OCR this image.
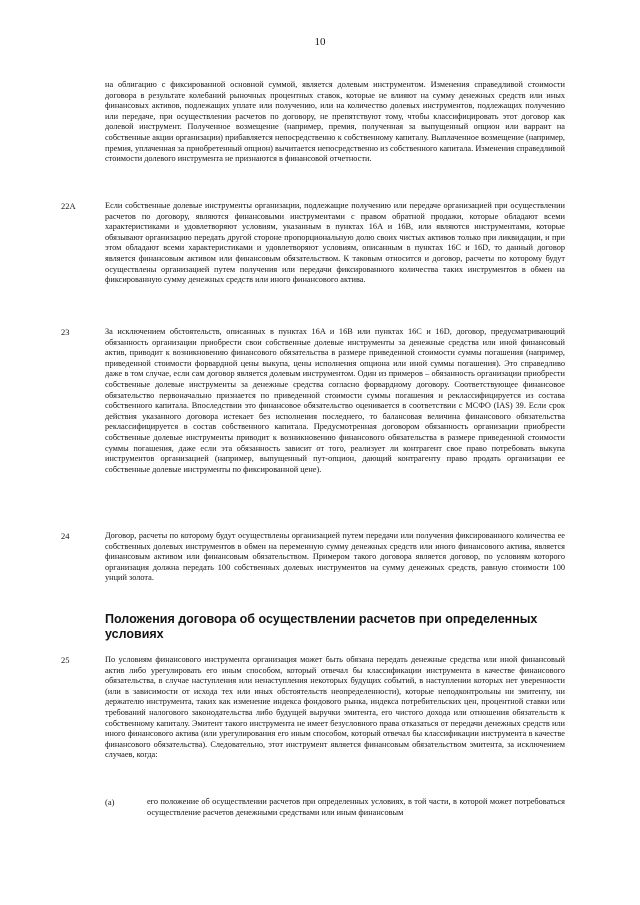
10
на облигацию с фиксированной основной суммой, является долевым инструментом. Изменения справедливой стоимости договора в результате колебаний рыночных процентных ставок, которые не влияют на сумму денежных средств или иных финансовых активов, подлежащих уплате или получению, или на количество долевых инструментов, подлежащих получению или передаче, при осуществлении расчетов по договору, не препятствуют тому, чтобы классифицировать этот договор как долевой инструмент. Полученное возмещение (например, премия, полученная за выпущенный опцион или варрант на собственные акции организации) прибавляется непосредственно к собственному капиталу. Выплаченное возмещение (например, премия, уплаченная за приобретенный опцион) вычитается непосредственно из собственного капитала. Изменения справедливой стоимости долевого инструмента не признаются в финансовой отчетности.
22A	Если собственные долевые инструменты организации, подлежащие получению или передаче организацией при осуществлении расчетов по договору, являются финансовыми инструментами с правом обратной продажи, которые обладают всеми характеристиками и удовлетворяют условиям, указанным в пунктах 16A и 16B, или являются инструментами, которые обязывают организацию передать другой стороне пропорциональную долю своих чистых активов только при ликвидации, и при этом обладают всеми характеристиками и удовлетворяют условиям, описанным в пунктах 16C и 16D, то данный договор является финансовым активом или финансовым обязательством. К таковым относится и договор, расчеты по которому будут осуществлены организацией путем получения или передачи фиксированного количества таких инструментов в обмен на фиксированную сумму денежных средств или иного финансового актива.
23	За исключением обстоятельств, описанных в пунктах 16A и 16B или пунктах 16C и 16D, договор, предусматривающий обязанность организации приобрести свои собственные долевые инструменты за денежные средства или иной финансовый актив, приводит к возникновению финансового обязательства в размере приведенной стоимости суммы погашения (например, приведенной стоимости форвардной цены выкупа, цены исполнения опциона или иной суммы погашения). Это справедливо даже в том случае, если сам договор является долевым инструментом. Один из примеров – обязанность организации приобрести собственные долевые инструменты за денежные средства согласно форвардному договору. Соответствующее финансовое обязательство первоначально признается по приведенной стоимости суммы погашения и реклассифицируется из состава собственного капитала. Впоследствии это финансовое обязательство оценивается в соответствии с МСФО (IAS) 39. Если срок действия указанного договора истекает без исполнения последнего, то балансовая величина финансового обязательства реклассифицируется в состав собственного капитала. Предусмотренная договором обязанность организации приобрести собственные долевые инструменты приводит к возникновению финансового обязательства в размере приведенной стоимости суммы погашения, даже если эта обязанность зависит от того, реализует ли контрагент свое право потребовать выкупа инструментов организацией (например, выпущенный пут-опцион, дающий контрагенту право продать организации ее собственные долевые инструменты по фиксированной цене).
24	Договор, расчеты по которому будут осуществлены организацией путем передачи или получения фиксированного количества ее собственных долевых инструментов в обмен на переменную сумму денежных средств или иного финансового актива, является финансовым активом или финансовым обязательством. Примером такого договора является договор, по условиям которого организация должна передать 100 собственных долевых инструментов на сумму денежных средств, равную стоимости 100 унций золота.
Положения договора об осуществлении расчетов при определенных условиях
25	По условиям финансового инструмента организация может быть обязана передать денежные средства или иной финансовый актив либо урегулировать его иным способом, который отвечал бы классификации инструмента в качестве финансового обязательства, в случае наступления или ненаступления некоторых будущих событий, в наступлении которых нет уверенности (или в зависимости от исхода тех или иных обстоятельств неопределенности), которые неподконтрольны ни эмитенту, ни держателю инструмента, таких как изменение индекса фондового рынка, индекса потребительских цен, процентной ставки или требований налогового законодательства либо будущей выручки эмитента, его чистого дохода или отношения обязательств к собственному капиталу. Эмитент такого инструмента не имеет безусловного права отказаться от передачи денежных средств или иного финансового актива (или урегулирования его иным способом, который отвечал бы классификации инструмента в качестве финансового обязательства). Следовательно, этот инструмент является финансовым обязательством эмитента, за исключением случаев, когда:
(a)	его положение об осуществлении расчетов при определенных условиях, в той части, в которой может потребоваться осуществление расчетов денежными средствами или иным финансовым
